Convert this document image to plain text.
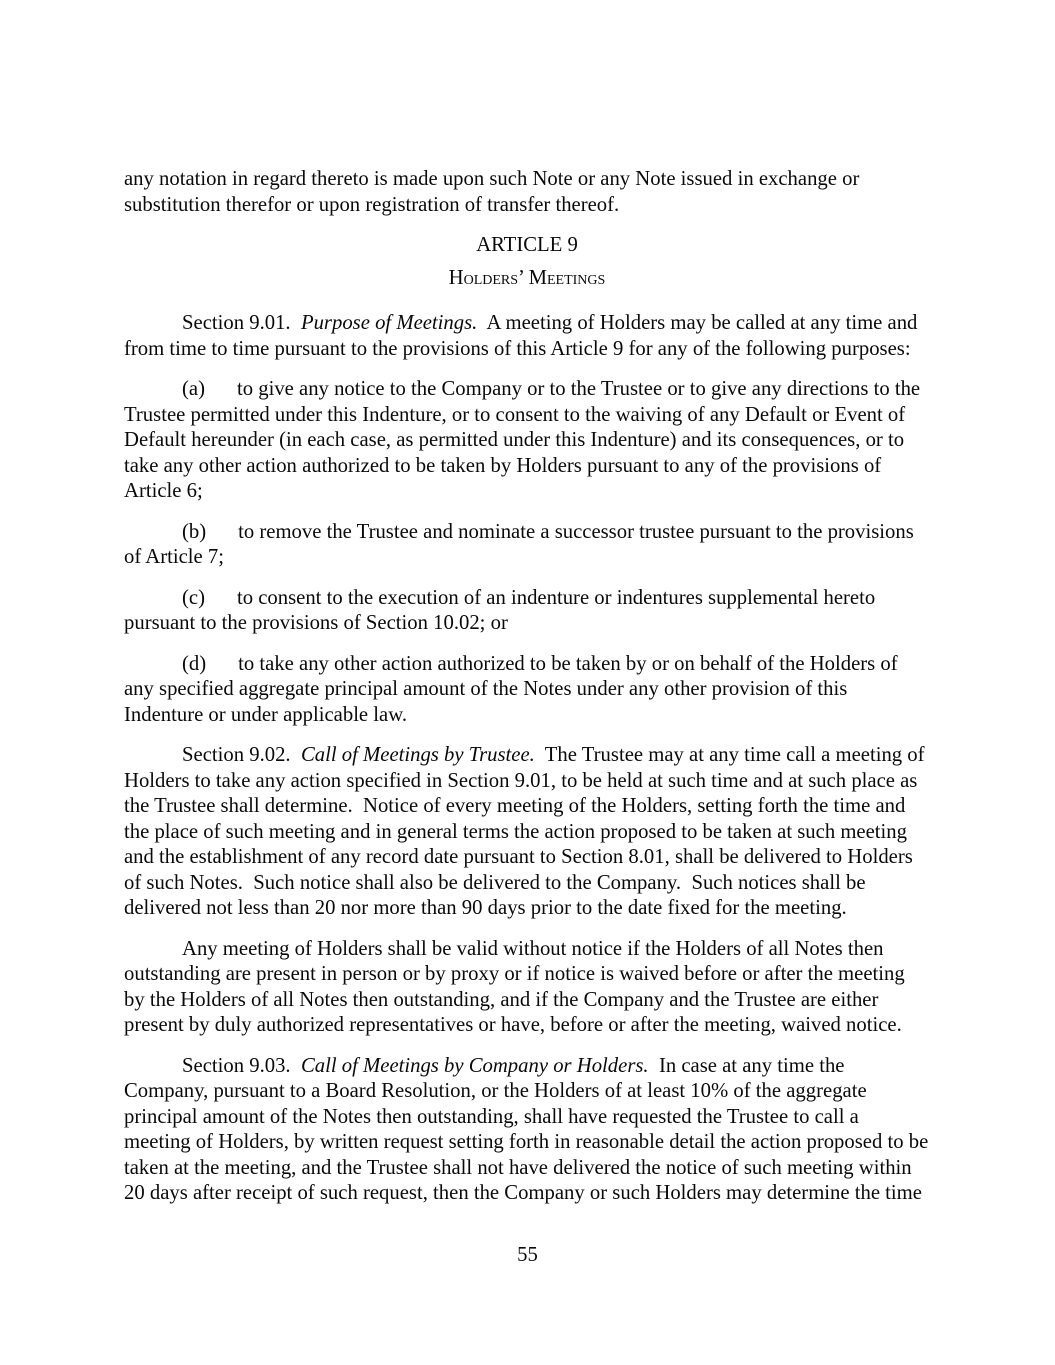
any notation in regard thereto is made upon such Note or any Note issued in exchange or substitution therefor or upon registration of transfer thereof.

ARTICLE 9
Holders’ Meetings

Section 9.01.  Purpose of Meetings.  A meeting of Holders may be called at any time and from time to time pursuant to the provisions of this Article 9 for any of the following purposes:

(a) to give any notice to the Company or to the Trustee or to give any directions to the Trustee permitted under this Indenture, or to consent to the waiving of any Default or Event of Default hereunder (in each case, as permitted under this Indenture) and its consequences, or to take any other action authorized to be taken by Holders pursuant to any of the provisions of Article 6;

(b) to remove the Trustee and nominate a successor trustee pursuant to the provisions of Article 7;

(c) to consent to the execution of an indenture or indentures supplemental hereto pursuant to the provisions of Section 10.02; or

(d) to take any other action authorized to be taken by or on behalf of the Holders of any specified aggregate principal amount of the Notes under any other provision of this Indenture or under applicable law.

Section 9.02.  Call of Meetings by Trustee.  The Trustee may at any time call a meeting of Holders to take any action specified in Section 9.01, to be held at such time and at such place as the Trustee shall determine.  Notice of every meeting of the Holders, setting forth the time and the place of such meeting and in general terms the action proposed to be taken at such meeting and the establishment of any record date pursuant to Section 8.01, shall be delivered to Holders of such Notes.  Such notice shall also be delivered to the Company.  Such notices shall be delivered not less than 20 nor more than 90 days prior to the date fixed for the meeting.

Any meeting of Holders shall be valid without notice if the Holders of all Notes then outstanding are present in person or by proxy or if notice is waived before or after the meeting by the Holders of all Notes then outstanding, and if the Company and the Trustee are either present by duly authorized representatives or have, before or after the meeting, waived notice.

Section 9.03.  Call of Meetings by Company or Holders.  In case at any time the Company, pursuant to a Board Resolution, or the Holders of at least 10% of the aggregate principal amount of the Notes then outstanding, shall have requested the Trustee to call a meeting of Holders, by written request setting forth in reasonable detail the action proposed to be taken at the meeting, and the Trustee shall not have delivered the notice of such meeting within 20 days after receipt of such request, then the Company or such Holders may determine the time

55
